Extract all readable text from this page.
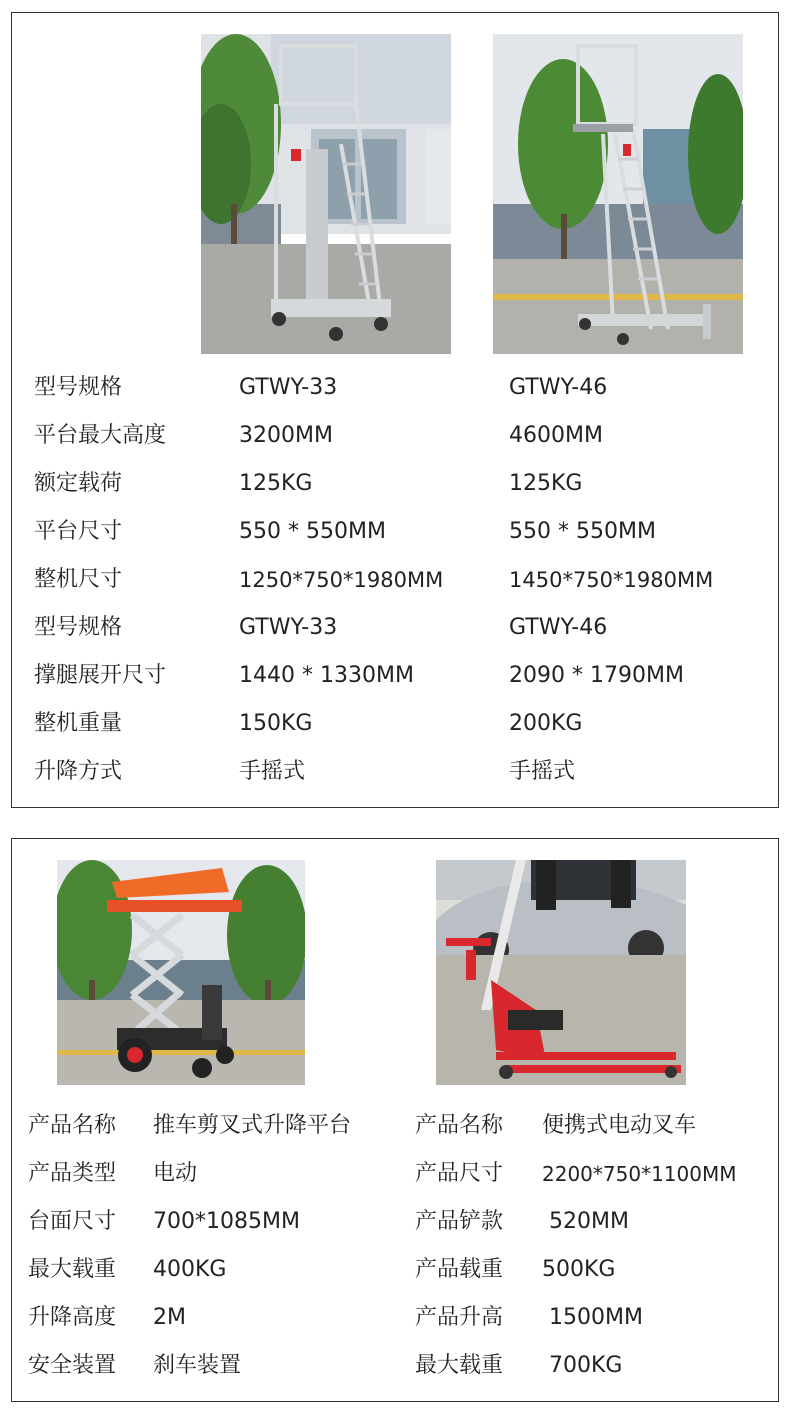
型号规格	GTWY-33	GTWY-46
平台最大高度	3200MM	4600MM
额定载荷	125KG	125KG
平台尺寸	550 * 550MM	550 * 550MM
整机尺寸	1250*750*1980MM	1450*750*1980MM
型号规格	GTWY-33	GTWY-46
撑腿展开尺寸	1440 * 1330MM	2090 * 1790MM
整机重量	150KG	200KG
升降方式	手摇式	手摇式
产品名称 推车剪叉式升降平台
产品类型 电动
台面尺寸 700*1085MM
最大载重 400KG
升降高度 2M
安全装置 刹车装置
产品名称 便携式电动叉车
产品尺寸 2200*750*1100MM
产品铲款 520MM
产品载重 500KG
产品升高 1500MM
最大载重 700KG
